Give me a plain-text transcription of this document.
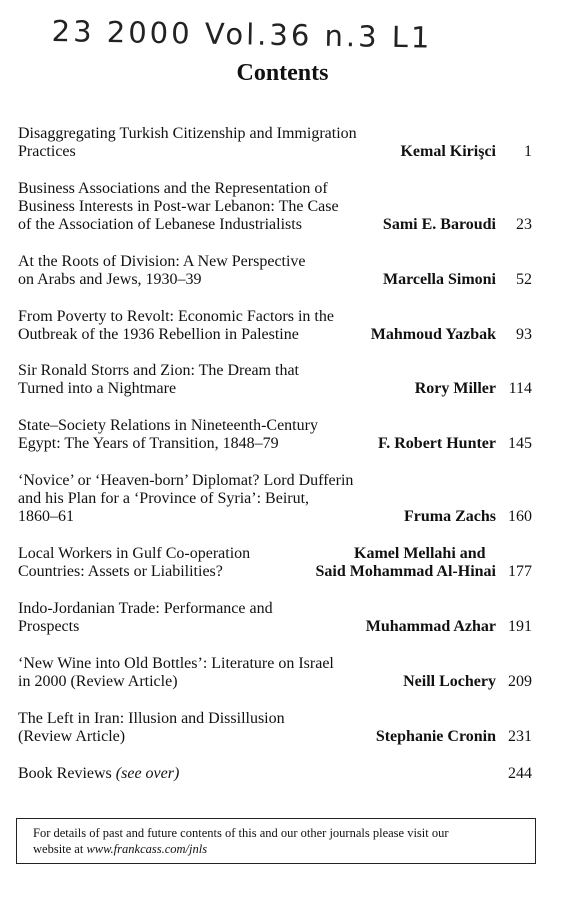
23 2000 Vol.36 n.3 L1
Contents
Disaggregating Turkish Citizenship and Immigration
Practices	Kemal Kirişci 1
Business Associations and the Representation of
Business Interests in Post-war Lebanon: The Case
of the Association of Lebanese Industrialists	Sami E. Baroudi 23
At the Roots of Division: A New Perspective
on Arabs and Jews, 1930–39	Marcella Simoni 52
From Poverty to Revolt: Economic Factors in the
Outbreak of the 1936 Rebellion in Palestine	Mahmoud Yazbak 93
Sir Ronald Storrs and Zion: The Dream that
Turned into a Nightmare	Rory Miller 114
State–Society Relations in Nineteenth-Century
Egypt: The Years of Transition, 1848–79	F. Robert Hunter 145
‘Novice’ or ‘Heaven-born’ Diplomat? Lord Dufferin
and his Plan for a ‘Province of Syria’: Beirut,
1860–61	Fruma Zachs 160
Local Workers in Gulf Co-operation	Kamel Mellahi and
Countries: Assets or Liabilities?	Said Mohammad Al-Hinai 177
Indo-Jordanian Trade: Performance and
Prospects	Muhammad Azhar 191
‘New Wine into Old Bottles’: Literature on Israel
in 2000 (Review Article)	Neill Lochery 209
The Left in Iran: Illusion and Dissillusion
(Review Article)	Stephanie Cronin 231
Book Reviews (see over)	244
For details of past and future contents of this and our other journals please visit our
website at www.frankcass.com/jnls
